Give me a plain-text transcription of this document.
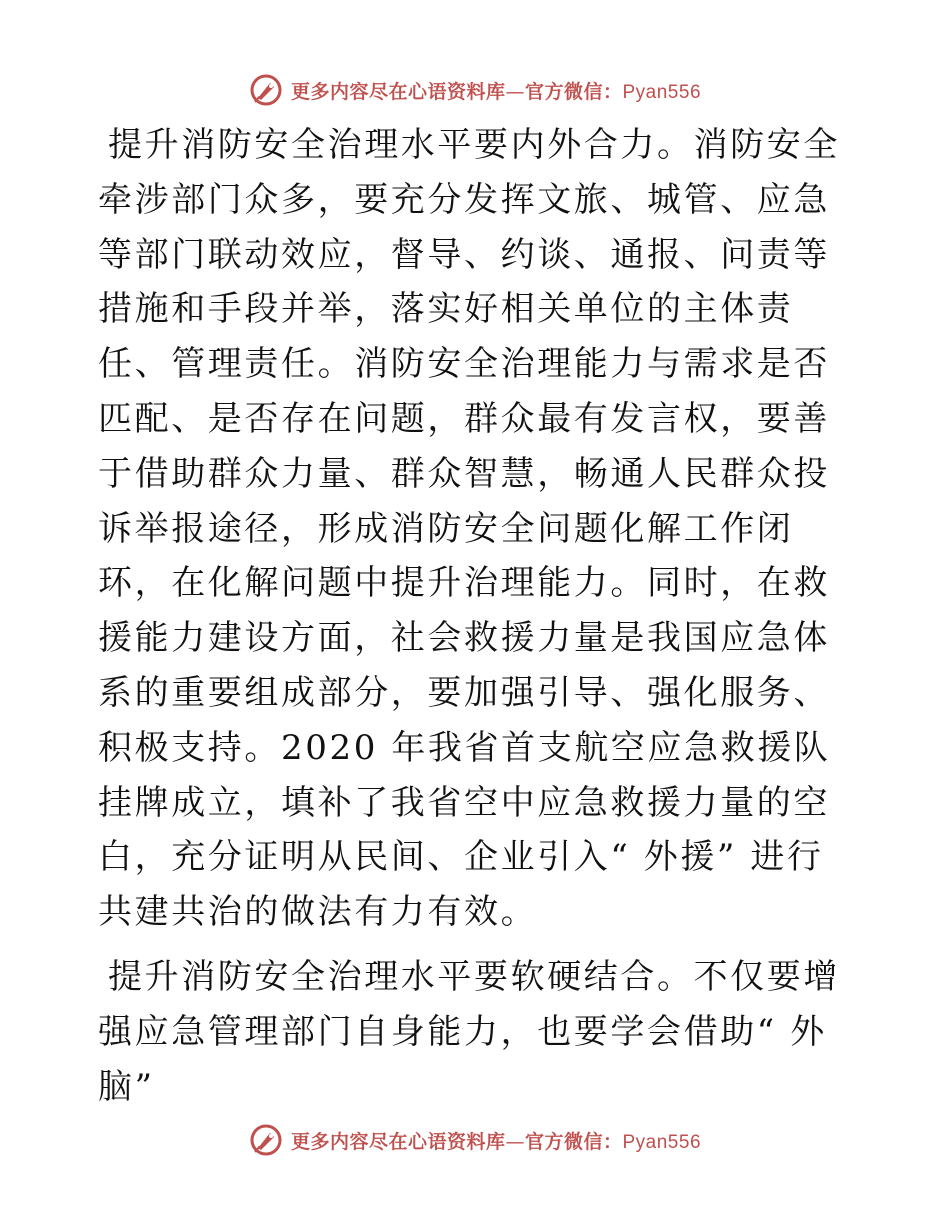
更多内容尽在心语资料库—官方微信：Pyan556

提升消防安全治理水平要内外合力。消防安全牵涉部门众多，要充分发挥文旅、城管、应急等部门联动效应，督导、约谈、通报、问责等措施和手段并举，落实好相关单位的主体责任、管理责任。消防安全治理能力与需求是否匹配、是否存在问题，群众最有发言权，要善于借助群众力量、群众智慧，畅通人民群众投诉举报途径，形成消防安全问题化解工作闭环，在化解问题中提升治理能力。同时，在救援能力建设方面，社会救援力量是我国应急体系的重要组成部分，要加强引导、强化服务、积极支持。2020 年我省首支航空应急救援队挂牌成立，填补了我省空中应急救援力量的空白，充分证明从民间、企业引入“ 外援” 进行共建共治的做法有力有效。

提升消防安全治理水平要软硬结合。不仅要增强应急管理部门自身能力，也要学会借助“ 外脑”

更多内容尽在心语资料库—官方微信：Pyan556
